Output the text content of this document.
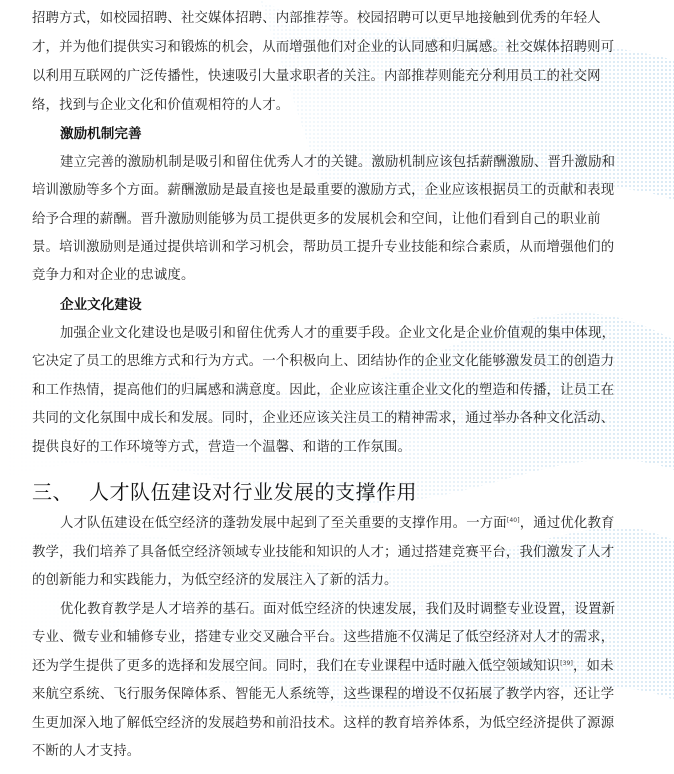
招聘方式，如校园招聘、社交媒体招聘、内部推荐等。校园招聘可以更早地接触到优秀的年轻人
才，并为他们提供实习和锻炼的机会，从而增强他们对企业的认同感和归属感。社交媒体招聘则可
以利用互联网的广泛传播性，快速吸引大量求职者的关注。内部推荐则能充分利用员工的社交网
络，找到与企业文化和价值观相符的人才。
激励机制完善
建立完善的激励机制是吸引和留住优秀人才的关键。激励机制应该包括薪酬激励、晋升激励和
培训激励等多个方面。薪酬激励是最直接也是最重要的激励方式，企业应该根据员工的贡献和表现
给予合理的薪酬。晋升激励则能够为员工提供更多的发展机会和空间，让他们看到自己的职业前
景。培训激励则是通过提供培训和学习机会，帮助员工提升专业技能和综合素质，从而增强他们的
竞争力和对企业的忠诚度。
企业文化建设
加强企业文化建设也是吸引和留住优秀人才的重要手段。企业文化是企业价值观的集中体现，
它决定了员工的思维方式和行为方式。一个积极向上、团结协作的企业文化能够激发员工的创造力
和工作热情，提高他们的归属感和满意度。因此，企业应该注重企业文化的塑造和传播，让员工在
共同的文化氛围中成长和发展。同时，企业还应该关注员工的精神需求，通过举办各种文化活动、
提供良好的工作环境等方式，营造一个温馨、和谐的工作氛围。
三、 人才队伍建设对行业发展的支撑作用
人才队伍建设在低空经济的蓬勃发展中起到了至关重要的支撑作用。一方面[40]，通过优化教育
教学，我们培养了具备低空经济领域专业技能和知识的人才；通过搭建竞赛平台，我们激发了人才
的创新能力和实践能力，为低空经济的发展注入了新的活力。
优化教育教学是人才培养的基石。面对低空经济的快速发展，我们及时调整专业设置，设置新
专业、微专业和辅修专业，搭建专业交叉融合平台。这些措施不仅满足了低空经济对人才的需求，
还为学生提供了更多的选择和发展空间。同时，我们在专业课程中适时融入低空领域知识[39]，如未
来航空系统、飞行服务保障体系、智能无人系统等，这些课程的增设不仅拓展了教学内容，还让学
生更加深入地了解低空经济的发展趋势和前沿技术。这样的教育培养体系，为低空经济提供了源源
不断的人才支持。
